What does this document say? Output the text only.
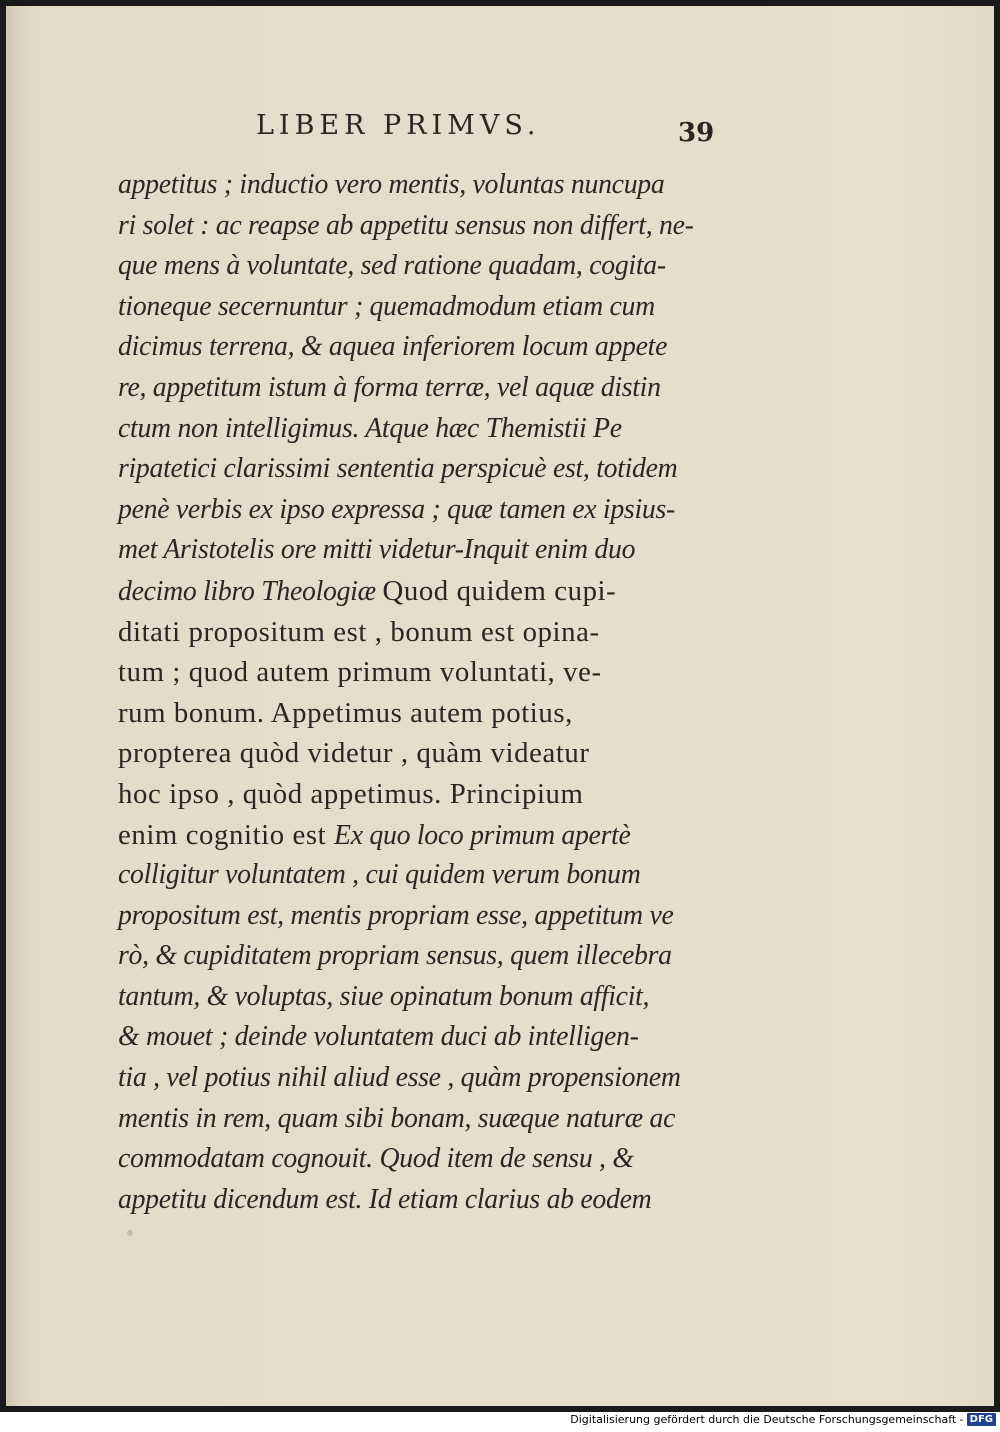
LIBER PRIMVS.	39
appetitus ; inductio vero mentis, voluntas nuncupa
ri solet : ac reapse ab appetitu sensus non differt, ne-
que mens à voluntate, sed ratione quadam, cogita-
tioneque secernuntur ; quemadmodum etiam cum
dicimus terrena, & aquea inferiorem locum appete
re, appetitum istum à forma terræ, vel aquæ distin
ctum non intelligimus. Atque hæc Themistii Pe
ripatetici clarissimi sententia perspicuè est, totidem
penè verbis ex ipso expressa ; quæ tamen ex ipsius-
met Aristotelis ore mitti videtur-Inquit enim duo
decimo libro Theologiæ Quod quidem cupi-
ditati propositum est , bonum est opina-
tum ; quod autem primum voluntati, ve-
rum bonum. Appetimus autem potius,
propterea quòd videtur , quàm videatur
hoc ipso , quòd appetimus. Principium
enim cognitio est Ex quo loco primum apertè
colligitur voluntatem , cui quidem verum bonum
propositum est, mentis propriam esse, appetitum ve
rò, & cupiditatem propriam sensus, quem illecebra
tantum, & voluptas, siue opinatum bonum afficit,
& mouet ; deinde voluntatem duci ab intelligen-
tia , vel potius nihil aliud esse , quàm propensionem
mentis in rem, quam sibi bonam, suæque naturæ ac
commodatam cognouit. Quod item de sensu , &
appetitu dicendum est. Id etiam clarius ab eodem
Digitalisierung gefördert durch die Deutsche Forschungsgemeinschaft - DFG
